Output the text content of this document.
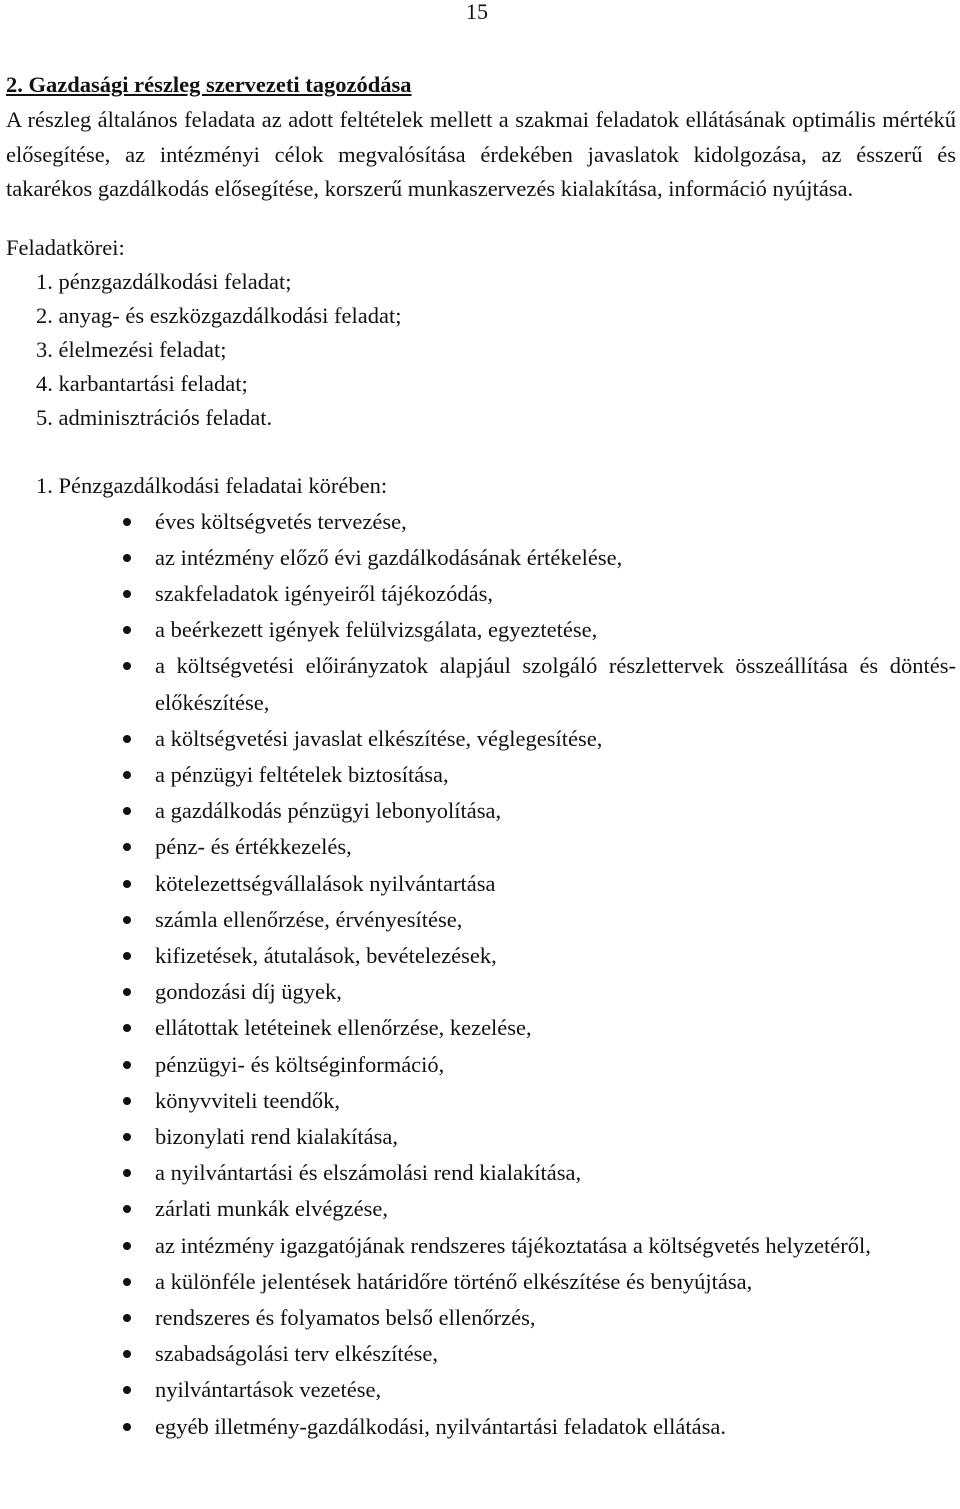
15
2. Gazdasági részleg szervezeti tagozódása

A részleg általános feladata az adott feltételek mellett a szakmai feladatok ellátásának optimális mértékű elősegítése, az intézményi célok megvalósítása érdekében javaslatok kidolgozása, az ésszerű és takarékos gazdálkodás elősegítése, korszerű munkaszervezés kialakítása, információ nyújtása.

Feladatkörei:

1. pénzgazdálkodási feladat;
2. anyag- és eszközgazdálkodási feladat;
3. élelmezési feladat;
4. karbantartási feladat;
5. adminisztrációs feladat.

1. Pénzgazdálkodási feladatai körében:

éves költségvetés tervezése,
az intézmény előző évi gazdálkodásának értékelése,
szakfeladatok igényeiről tájékozódás,
a beérkezett igények felülvizsgálata, egyeztetése,
a költségvetési előirányzatok alapjául szolgáló részlettervek összeállítása és döntés-előkészítése,
a költségvetési javaslat elkészítése, véglegesítése,
a pénzügyi feltételek biztosítása,
a gazdálkodás pénzügyi lebonyolítása,
pénz- és értékkezelés,
kötelezettségvállalások nyilvántartása
számla ellenőrzése, érvényesítése,
kifizetések, átutalások, bevételezések,
gondozási díj ügyek,
ellátottak letéteinek ellenőrzése, kezelése,
pénzügyi- és költséginformáció,
könyvviteli teendők,
bizonylati rend kialakítása,
a nyilvántartási és elszámolási rend kialakítása,
zárlati munkák elvégzése,
az intézmény igazgatójának rendszeres tájékoztatása a költségvetés helyzetéről,
a különféle jelentések határidőre történő elkészítése és benyújtása,
rendszeres és folyamatos belső ellenőrzés,
szabadságolási terv elkészítése,
nyilvántartások vezetése,
egyéb illetmény-gazdálkodási, nyilvántartási feladatok ellátása.
